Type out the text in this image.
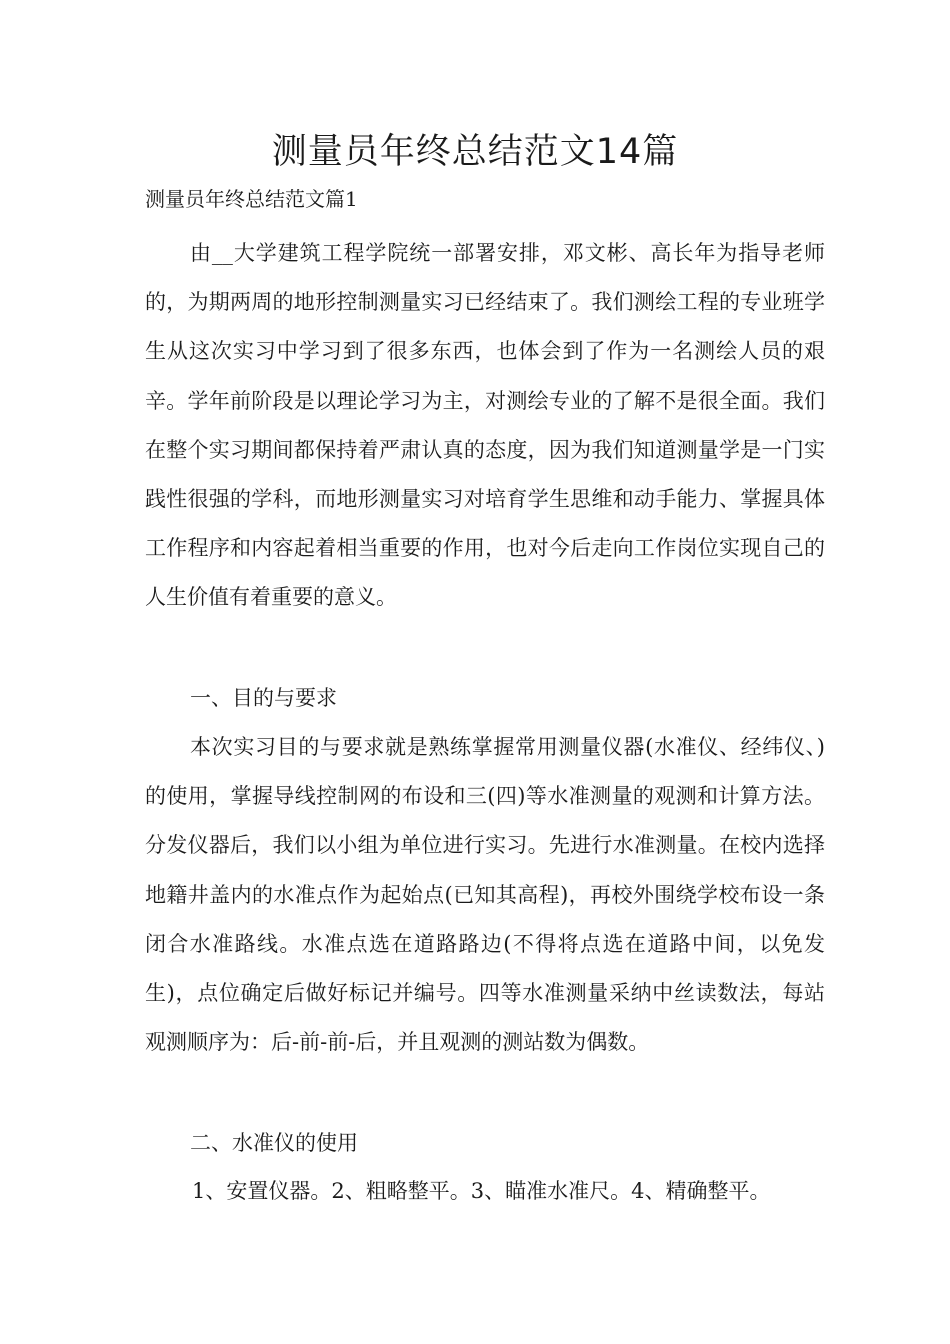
测量员年终总结范文14篇

测量员年终总结范文篇1

由__大学建筑工程学院统一部署安排，邓文彬、高长年为指导老师的，为期两周的地形控制测量实习已经结束了。我们测绘工程的专业班学生从这次实习中学习到了很多东西，也体会到了作为一名测绘人员的艰辛。学年前阶段是以理论学习为主，对测绘专业的了解不是很全面。我们在整个实习期间都保持着严肃认真的态度，因为我们知道测量学是一门实践性很强的学科，而地形测量实习对培育学生思维和动手能力、掌握具体工作程序和内容起着相当重要的作用，也对今后走向工作岗位实现自己的人生价值有着重要的意义。

一、目的与要求

本次实习目的与要求就是熟练掌握常用测量仪器(水准仪、经纬仪、)的使用，掌握导线控制网的布设和三(四)等水准测量的观测和计算方法。分发仪器后，我们以小组为单位进行实习。先进行水准测量。在校内选择地籍井盖内的水准点作为起始点(已知其高程)，再校外围绕学校布设一条闭合水准路线。水准点选在道路路边(不得将点选在道路中间，以免发生)，点位确定后做好标记并编号。四等水准测量采纳中丝读数法，每站观测顺序为：后-前-前-后，并且观测的测站数为偶数。

二、水准仪的使用

1、安置仪器。2、粗略整平。3、瞄准水准尺。4、精确整平。
